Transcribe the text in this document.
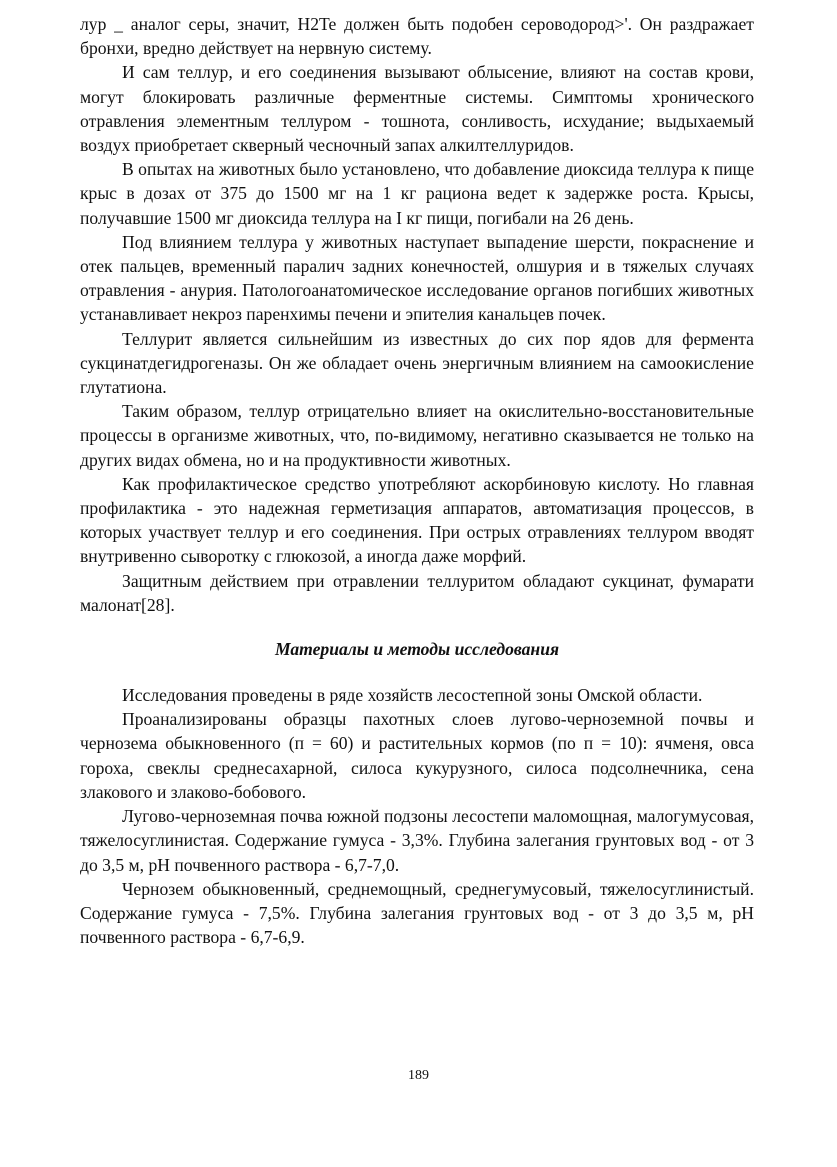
лур _ аналог серы, значит, H2Te должен быть подобен сероводород>'. Он раздражает бронхи, вредно действует на нервную систему.

И сам теллур, и его соединения вызывают облысение, влияют на состав крови, могут блокировать различные ферментные системы. Симптомы хронического отравления элементным теллуром - тошнота, сонливость, исхудание; выдыхаемый воздух приобретает скверный чесночный запах алкилтеллуридов.

В опытах на животных было установлено, что добавление диоксида теллура к пище крыс в дозах от 375 до 1500 мг на 1 кг рациона ведет к задержке роста. Крысы, получавшие 1500 мг диоксида теллура на I кг пищи, погибали на 26 день.

Под влиянием теллура у животных наступает выпадение шерсти, покраснение и отек пальцев, временный паралич задних конечностей, олшурия и в тяжелых случаях отравления - анурия. Патологоанатомическое исследование органов погибших животных устанавливает некроз паренхимы печени и эпителия канальцев почек.

Теллурит является сильнейшим из известных до сих пор ядов для фермента сукцинатдегидрогеназы. Он же обладает очень энергичным влиянием на самоокисление глутатиона.

Таким образом, теллур отрицательно влияет на окислительно-восстановительные процессы в организме животных, что, по-видимому, негативно сказывается не только на других видах обмена, но и на продуктивности животных.

Как профилактическое средство употребляют аскорбиновую кислоту. Но главная профилактика - это надежная герметизация аппаратов, автоматизация процессов, в которых участвует теллур и его соединения. При острых отравлениях теллуром вводят внутривенно сыворотку с глюкозой, а иногда даже морфий.

Защитным действием при отравлении теллуритом обладают сукцинат, фумарати малонат[28].

Материалы и методы исследования

Исследования проведены в ряде хозяйств лесостепной зоны Омской области.

Проанализированы образцы пахотных слоев лугово-черноземной почвы и чернозема обыкновенного (п = 60) и растительных кормов (по п = 10): ячменя, овса гороха, свеклы среднесахарной, силоса кукурузного, силоса подсолнечника, сена злакового и злаково-бобового.

Лугово-черноземная почва южной подзоны лесостепи маломощная, малогумусовая, тяжелосуглинистая. Содержание гумуса - 3,3%. Глубина залегания грунтовых вод - от 3 до 3,5 м, рН почвенного раствора - 6,7-7,0.

Чернозем обыкновенный, среднемощный, среднегумусовый, тяжелосуглинистый. Содержание гумуса - 7,5%. Глубина залегания грунтовых вод - от 3 до 3,5 м, рН почвенного раствора - 6,7-6,9.

189
